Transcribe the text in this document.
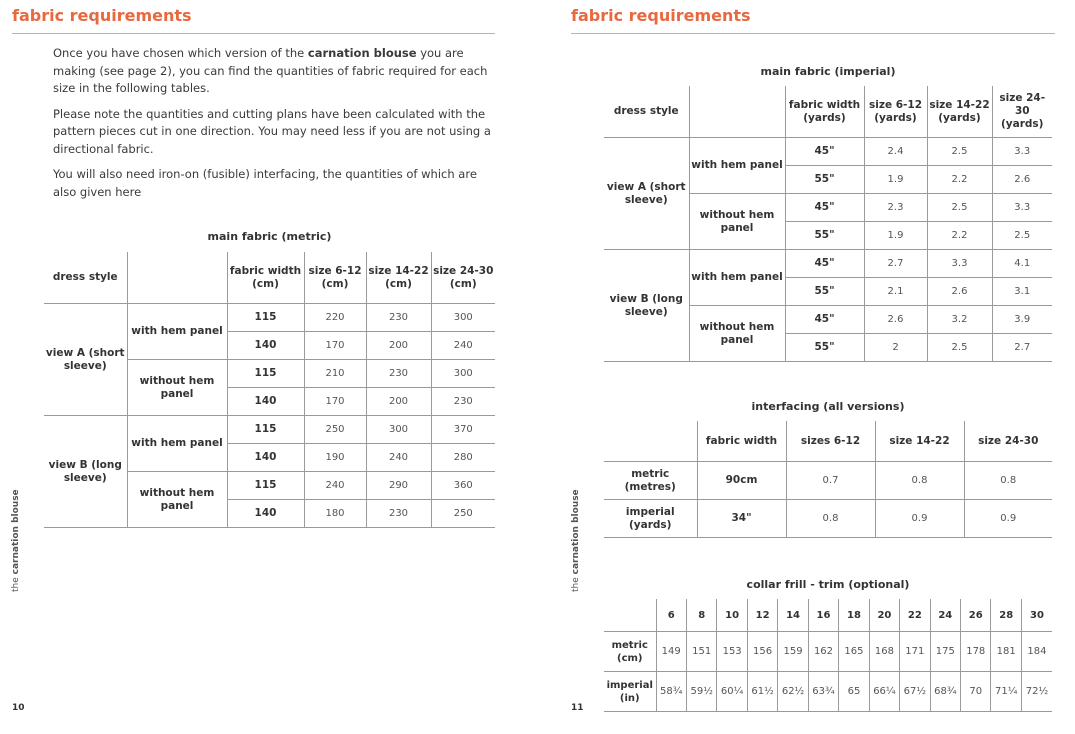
fabric requirements

Once you have chosen which version of the carnation blouse you are making (see page 2), you can find the quantities of fabric required for each size in the following tables.

Please note the quantities and cutting plans have been calculated with the pattern pieces cut in one direction. You may need less if you are not using a directional fabric.

You will also need iron-on (fusible) interfacing, the quantities of which are also given here

main fabric (metric)
dress style		fabric width (cm)	size 6-12 (cm)	size 14-22 (cm)	size 24-30 (cm)
view A (short sleeve)	with hem panel	115	220	230	300
		140	170	200	240
	without hem panel	115	210	230	300
		140	170	200	230
view B (long sleeve)	with hem panel	115	250	300	370
		140	190	240	280
	without hem panel	115	240	290	360
		140	180	230	250
the carnation blouse
10
fabric requirements
main fabric (imperial)
dress style		fabric width (yards)	size 6-12 (yards)	size 14-22 (yards)	size 24-30 (yards)
view A (short sleeve)	with hem panel	45"	2.4	2.5	3.3
		55"	1.9	2.2	2.6
	without hem panel	45"	2.3	2.5	3.3
		55"	1.9	2.2	2.5
view B (long sleeve)	with hem panel	45"	2.7	3.3	4.1
		55"	2.1	2.6	3.1
	without hem panel	45"	2.6	3.2	3.9
		55"	2	2.5	2.7
interfacing (all versions)
	fabric width	sizes 6-12	size 14-22	size 24-30
metric (metres)	90cm	0.7	0.8	0.8
imperial (yards)	34"	0.8	0.9	0.9
collar frill - trim (optional)
	6	8	10	12	14	16	18	20	22	24	26	28	30
metric (cm)	149	151	153	156	159	162	165	168	171	175	178	181	184
imperial (in)	58¾	59½	60¼	61½	62½	63¾	65	66¼	67½	68¾	70	71¼	72½
the carnation blouse
11
